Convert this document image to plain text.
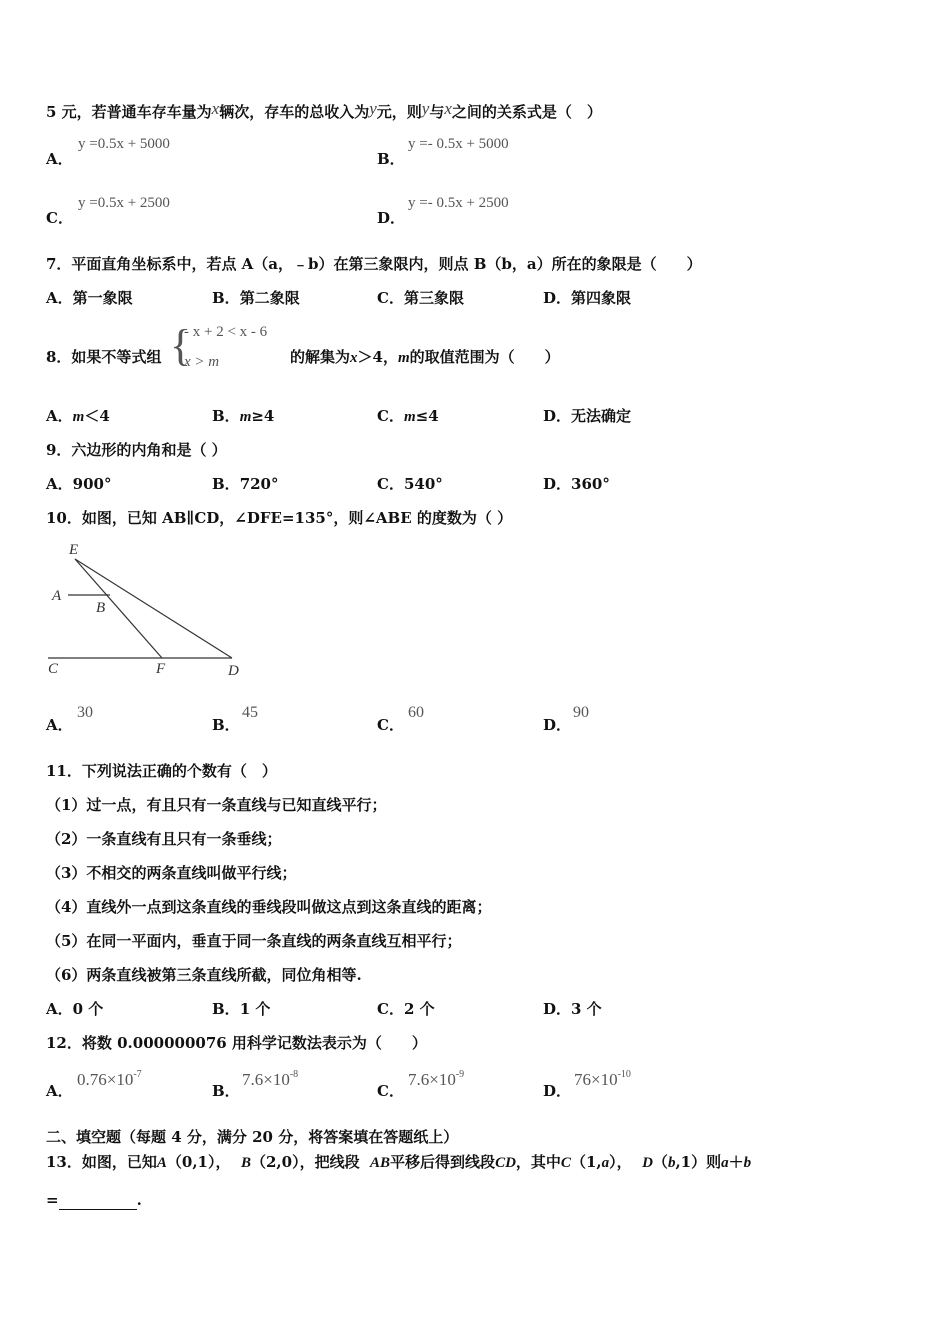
5 元，若普通车存车量为x辆次，存车的总收入为y元，则y与x之间的关系式是（　）
A．
y =0.5x + 5000
B．
y =- 0.5x + 5000
C．
y =0.5x + 2500
D．
y =- 0.5x + 2500
7．平面直角坐标系中，若点 A（a，﹣b）在第三象限内，则点 B（b，a）所在的象限是（　　）
A．第一象限	B．第二象限	C．第三象限	D．第四象限
8．如果不等式组 {
- x + 2 < x - 6
x > m	的解集为x＞4，m的取值范围为（　　）
A．m＜4	B．m≥4	C．m≤4	D．无法确定
9．六边形的内角和是（ ）
A．900°	B．720°	C．540°	D．360°
10．如图，已知 AB∥CD，∠DFE=135°，则∠ABE 的度数为（ ）
E
A
B
C	F	D
A．
30
B．
45
C．
60
D．
90
11．下列说法正确的个数有（　）
（1）过一点，有且只有一条直线与已知直线平行；
（2）一条直线有且只有一条垂线；
（3）不相交的两条直线叫做平行线；
（4）直线外一点到这条直线的垂线段叫做这点到这条直线的距离；
（5）在同一平面内，垂直于同一条直线的两条直线互相平行；
（6）两条直线被第三条直线所截，同位角相等.
A．0 个	B．1 个	C．2 个	D．3 个
12．将数 0.000000076 用科学记数法表示为（　　）
A．
$0.76\times 10^{-7}$
B．
$7.6\times 10^{-8}$
C．
$7.6\times 10^{-9}$
D．
$76\times 10^{-10}$
二、填空题（每题 4 分，满分 20 分，将答案填在答题纸上）
13．如图，已知A（0,1）， B（2,0），把线段 AB平移后得到线段CD，其中C（1,a）， D（b,1）则a＋b
=	.
